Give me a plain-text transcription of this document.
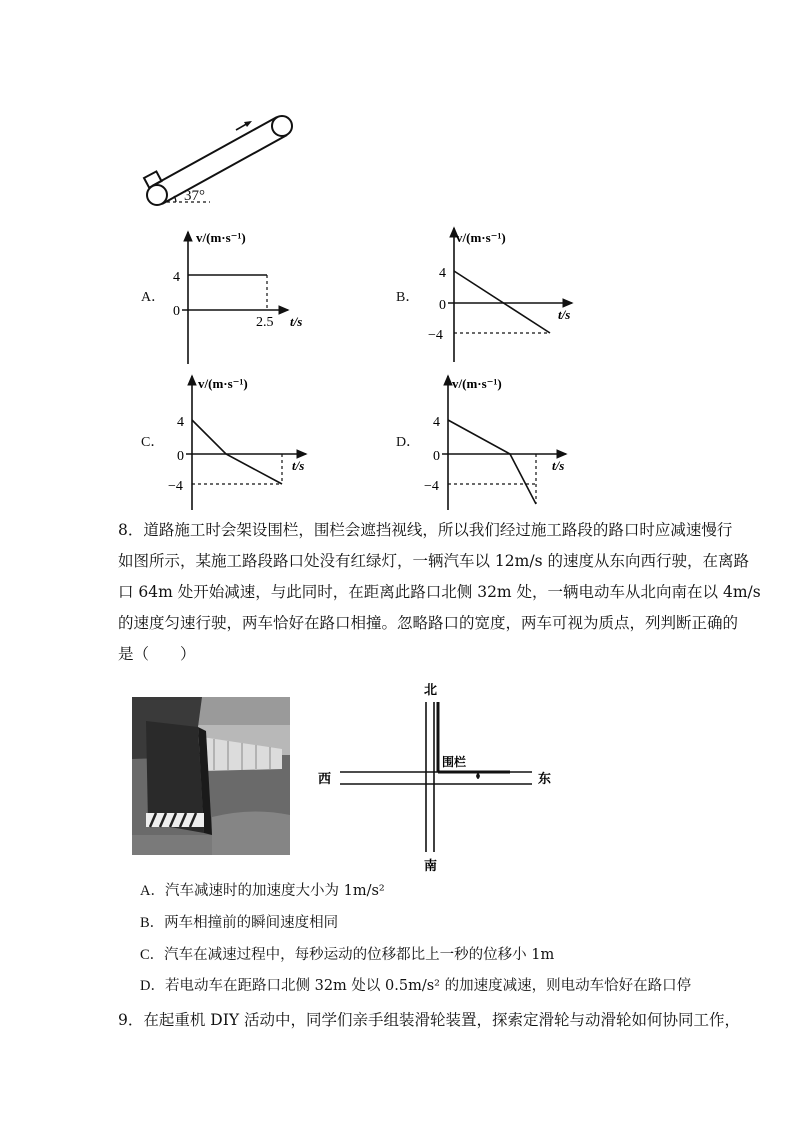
37°
A．
v/(m·s⁻¹)
4
0
2.5 t/s
B．
v/(m·s⁻¹)
4
0
−4
t/s
C．
v/(m·s⁻¹)
4
0
−4
t/s
D．
v/(m·s⁻¹)
4
0
−4
t/s
8．道路施工时会架设围栏，围栏会遮挡视线，所以我们经过施工路段的路口时应减速慢行
如图所示，某施工路段路口处没有红绿灯，一辆汽车以 12m/s 的速度从东向西行驶，在离路
口 64m 处开始减速，与此同时，在距离此路口北侧 32m 处，一辆电动车从北向南在以 4m/s
的速度匀速行驶，两车恰好在路口相撞。忽略路口的宽度，两车可视为质点，列判断正确的
是（　　）
北
南
西	东
围栏
A．汽车减速时的加速度大小为 1m/s²
B．两车相撞前的瞬间速度相同
C．汽车在减速过程中，每秒运动的位移都比上一秒的位移小 1m
D．若电动车在距路口北侧 32m 处以 0.5m/s² 的加速度减速，则电动车恰好在路口停
9．在起重机 DIY 活动中，同学们亲手组装滑轮装置，探索定滑轮与动滑轮如何协同工作，
